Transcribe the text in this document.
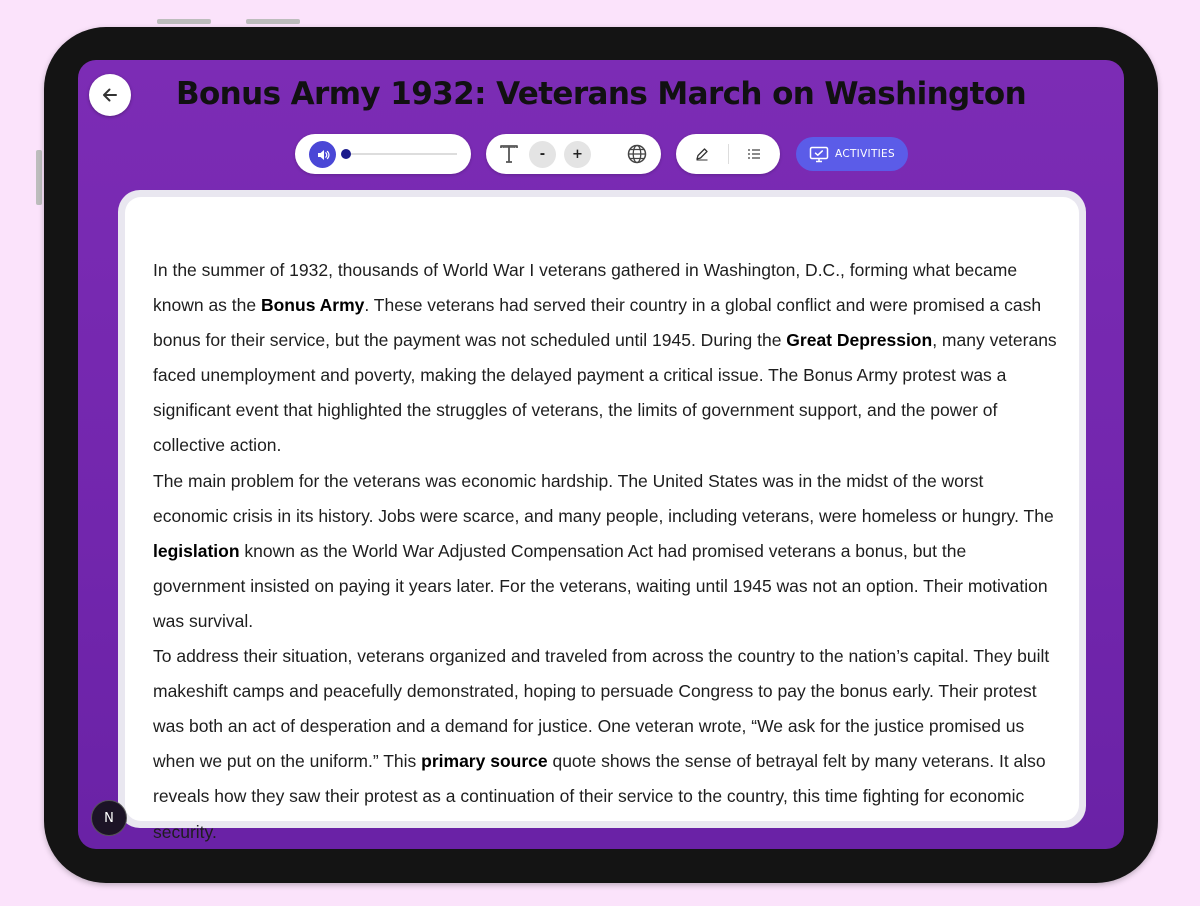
Bonus Army 1932: Veterans March on Washington
-	+	ACTIVITIES

In the summer of 1932, thousands of World War I veterans gathered in Washington, D.C., forming what became known as the Bonus Army. These veterans had served their country in a global conflict and were promised a cash bonus for their service, but the payment was not scheduled until 1945. During the Great Depression, many veterans faced unemployment and poverty, making the delayed payment a critical issue. The Bonus Army protest was a significant event that highlighted the struggles of veterans, the limits of government support, and the power of collective action.

The main problem for the veterans was economic hardship. The United States was in the midst of the worst economic crisis in its history. Jobs were scarce, and many people, including veterans, were homeless or hungry. The legislation known as the World War Adjusted Compensation Act had promised veterans a bonus, but the government insisted on paying it years later. For the veterans, waiting until 1945 was not an option. Their motivation was survival.

To address their situation, veterans organized and traveled from across the country to the nation’s capital. They built makeshift camps and peacefully demonstrated, hoping to persuade Congress to pay the bonus early. Their protest was both an act of desperation and a demand for justice. One veteran wrote, “We ask for the justice promised us when we put on the uniform.” This primary source quote shows the sense of betrayal felt by many veterans. It also reveals how they saw their protest as a continuation of their service to the country, this time fighting for economic security.

N
